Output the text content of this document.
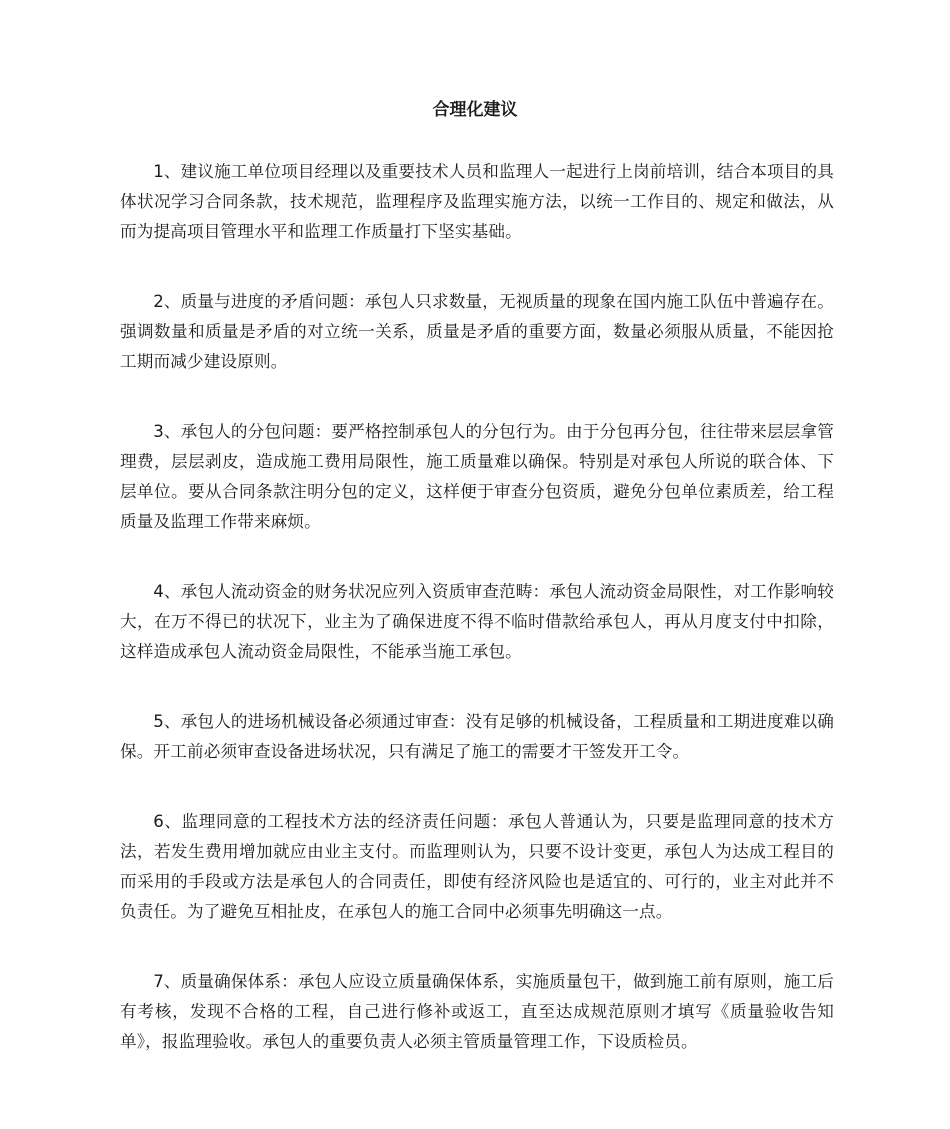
合理化建议

1、建议施工单位项目经理以及重要技术人员和监理人一起进行上岗前培训，结合本项目的具体状况学习合同条款，技术规范，监理程序及监理实施方法，以统一工作目的、规定和做法，从而为提高项目管理水平和监理工作质量打下坚实基础。

2、质量与进度的矛盾问题：承包人只求数量，无视质量的现象在国内施工队伍中普遍存在。强调数量和质量是矛盾的对立统一关系，质量是矛盾的重要方面，数量必须服从质量，不能因抢工期而减少建设原则。

3、承包人的分包问题：要严格控制承包人的分包行为。由于分包再分包，往往带来层层拿管理费，层层剥皮，造成施工费用局限性，施工质量难以确保。特别是对承包人所说的联合体、下层单位。要从合同条款注明分包的定义，这样便于审查分包资质，避免分包单位素质差，给工程质量及监理工作带来麻烦。

4、承包人流动资金的财务状况应列入资质审查范畴：承包人流动资金局限性，对工作影响较大，在万不得已的状况下，业主为了确保进度不得不临时借款给承包人，再从月度支付中扣除，这样造成承包人流动资金局限性，不能承当施工承包。

5、承包人的进场机械设备必须通过审查：没有足够的机械设备，工程质量和工期进度难以确保。开工前必须审查设备进场状况，只有满足了施工的需要才干签发开工令。

6、监理同意的工程技术方法的经济责任问题：承包人普通认为，只要是监理同意的技术方法，若发生费用增加就应由业主支付。而监理则认为，只要不设计变更，承包人为达成工程目的而采用的手段或方法是承包人的合同责任，即使有经济风险也是适宜的、可行的，业主对此并不负责任。为了避免互相扯皮，在承包人的施工合同中必须事先明确这一点。

7、质量确保体系：承包人应设立质量确保体系，实施质量包干，做到施工前有原则，施工后有考核，发现不合格的工程，自己进行修补或返工，直至达成规范原则才填写《质量验收告知单》，报监理验收。承包人的重要负责人必须主管质量管理工作，下设质检员。
